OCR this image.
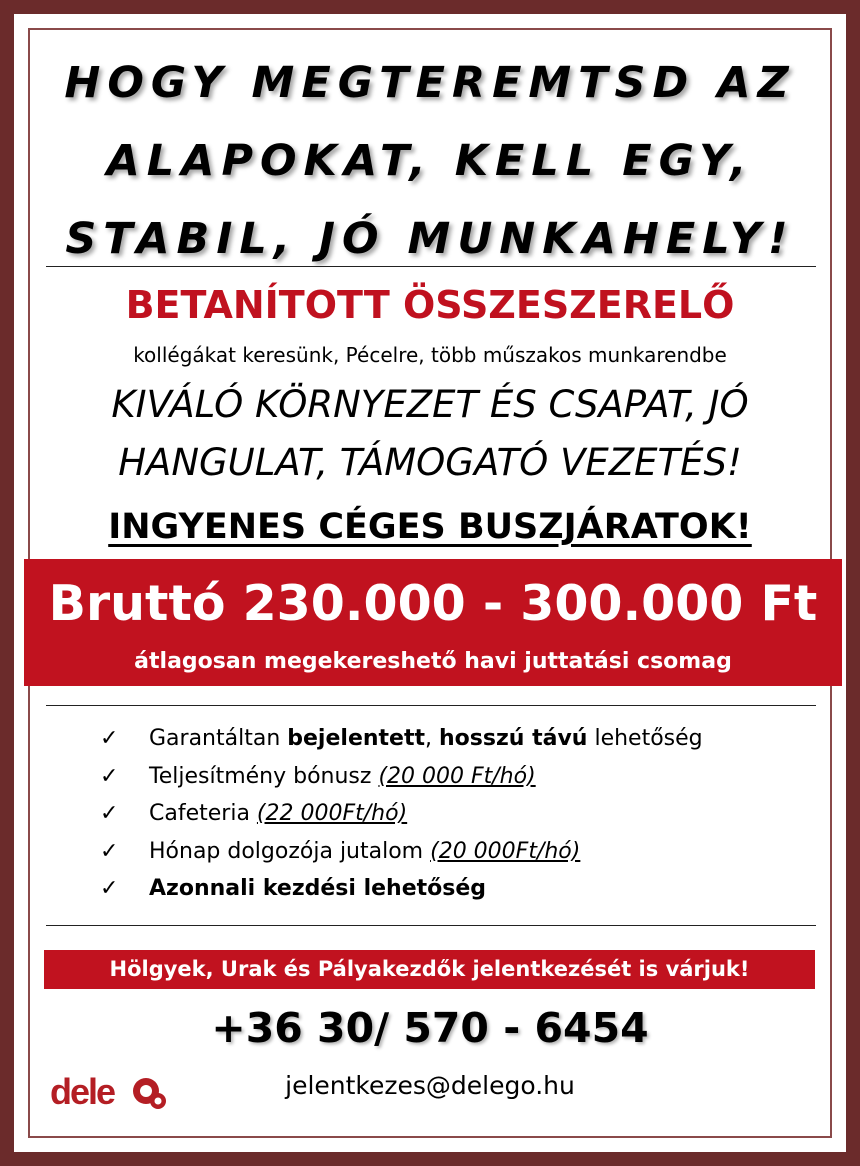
HOGY MEGTEREMTSD AZ
ALAPOKAT, KELL EGY,
STABIL, JÓ MUNKAHELY!
BETANÍTOTT ÖSSZESZERELŐ
kollégákat keresünk, Pécelre, több műszakos munkarendbe
KIVÁLÓ KÖRNYEZET ÉS CSAPAT, JÓ
HANGULAT, TÁMOGATÓ VEZETÉS!
INGYENES CÉGES BUSZJÁRATOK!
Bruttó 230.000 - 300.000 Ft
átlagosan megekereshető havi juttatási csomag
✓ Garantáltan bejelentett, hosszú távú lehetőség
✓ Teljesítmény bónusz (20 000 Ft/hó)
✓ Cafeteria (22 000Ft/hó)
✓ Hónap dolgozója jutalom (20 000Ft/hó)
✓ Azonnali kezdési lehetőség
Hölgyek, Urak és Pályakezdők jelentkezését is várjuk!
+36 30/ 570 - 6454
dele	jelentkezes@delego.hu
